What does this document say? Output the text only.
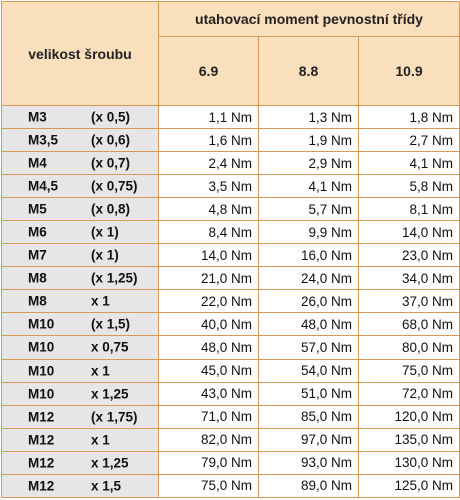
velikost šroubu	utahovací moment pevnostní třídy		
	6.9	8.8	10.9

M3 (x 0,5)	1,1 Nm	1,3 Nm	1,8 Nm

M3,5 (x 0,6)	1,6 Nm	1,9 Nm	2,7 Nm

M4 (x 0,7)	2,4 Nm	2,9 Nm	4,1 Nm

M4,5 (x 0,75)	3,5 Nm	4,1 Nm	5,8 Nm

M5 (x 0,8)	4,8 Nm	5,7 Nm	8,1 Nm

M6 (x 1)	8,4 Nm	9,9 Nm	14,0 Nm

M7 (x 1)	14,0 Nm	16,0 Nm	23,0 Nm

M8 (x 1,25)	21,0 Nm	24,0 Nm	34,0 Nm

M8 x 1	22,0 Nm	26,0 Nm	37,0 Nm

M10 (x 1,5)	40,0 Nm	48,0 Nm	68,0 Nm

M10 x 0,75	48,0 Nm	57,0 Nm	80,0 Nm

M10 x 1	45,0 Nm	54,0 Nm	75,0 Nm

M10 x 1,25	43,0 Nm	51,0 Nm	72,0 Nm

M12 (x 1,75)	71,0 Nm	85,0 Nm	120,0 Nm

M12 x 1	82,0 Nm	97,0 Nm	135,0 Nm

M12 x 1,25	79,0 Nm	93,0 Nm	130,0 Nm

M12 x 1,5	75,0 Nm	89,0 Nm	125,0 Nm
